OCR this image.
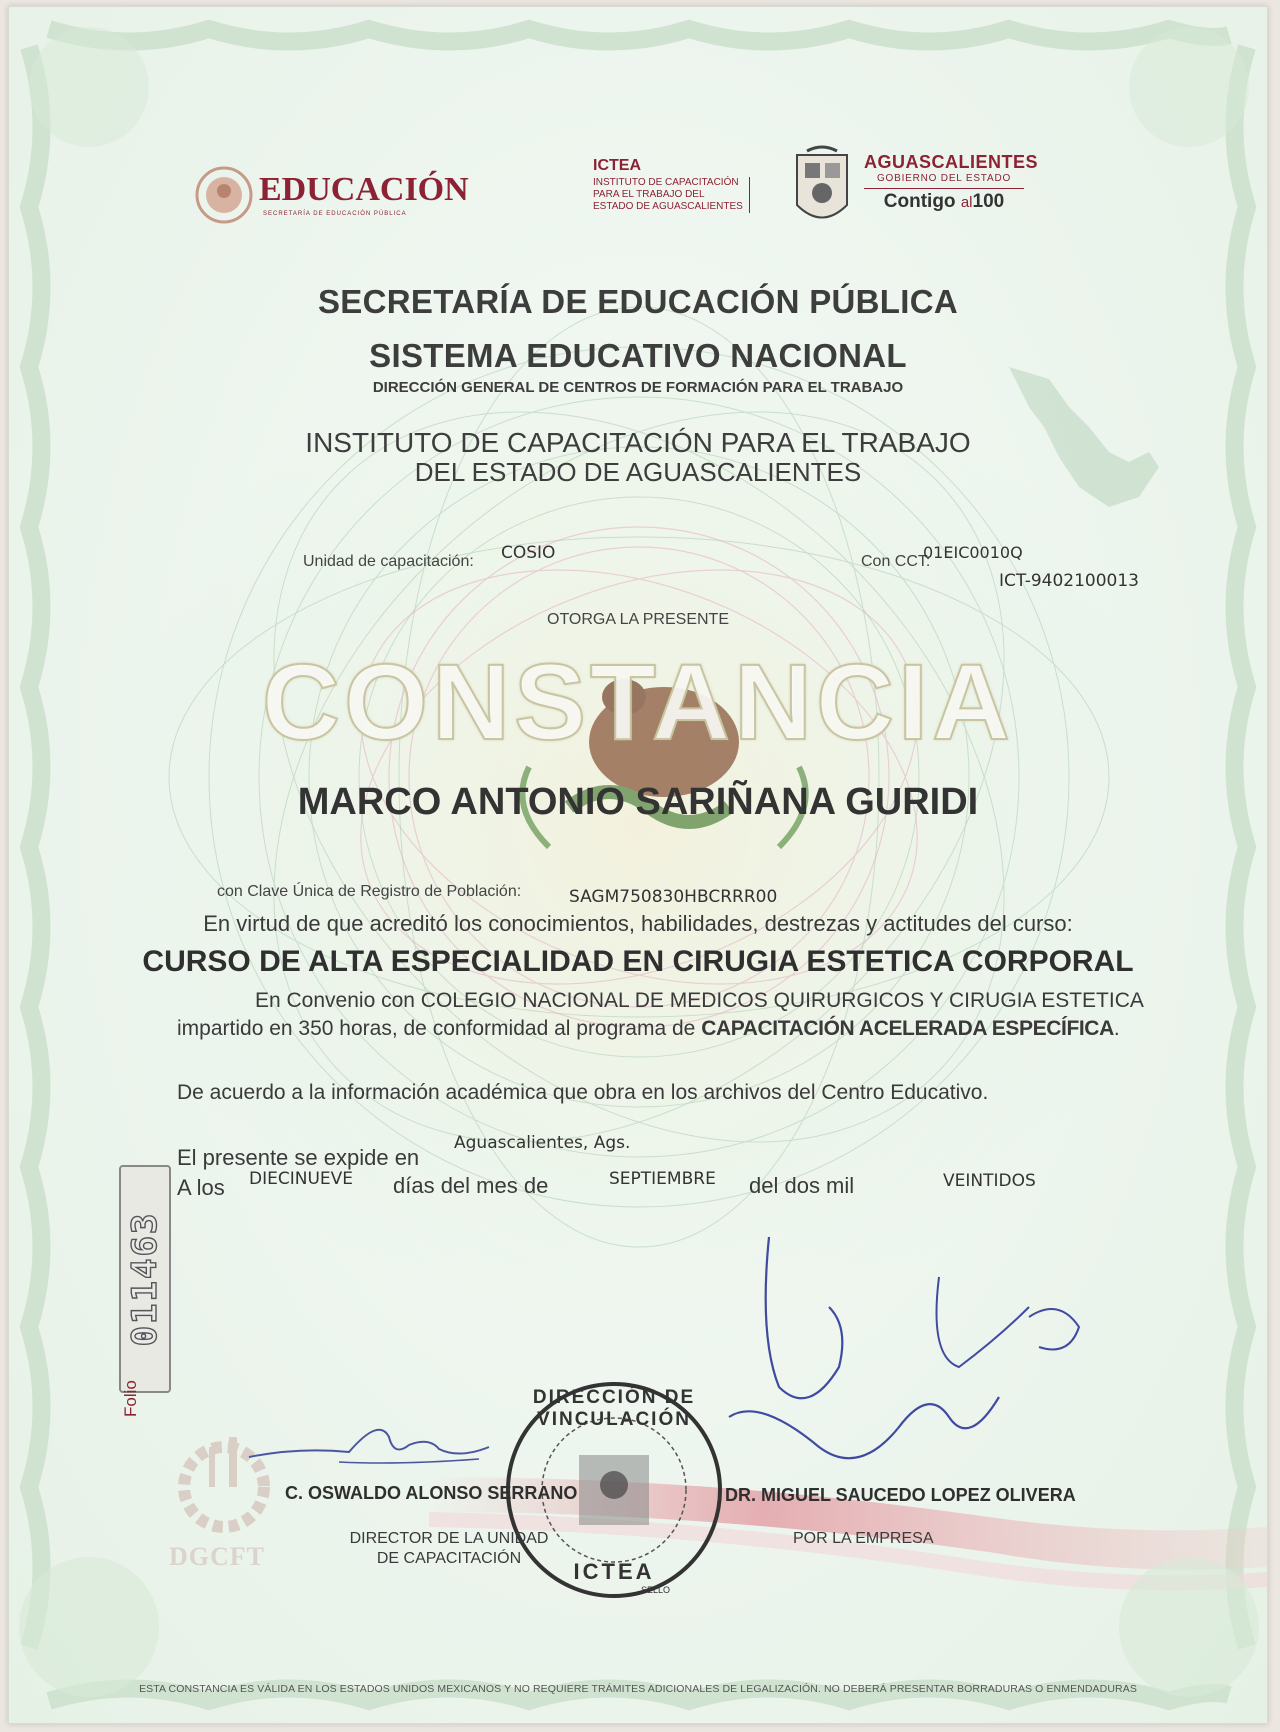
EDUCACIÓN
SECRETARÍA DE EDUCACIÓN PÚBLICA
ICTEA
INSTITUTO DE CAPACITACIÓN
PARA EL TRABAJO DEL
ESTADO DE AGUASCALIENTES
AGUASCALIENTES
GOBIERNO DEL ESTADO
Contigo al100
SECRETARÍA DE EDUCACIÓN PÚBLICA
SISTEMA EDUCATIVO NACIONAL
DIRECCIÓN GENERAL DE CENTROS DE FORMACIÓN PARA EL TRABAJO
INSTITUTO DE CAPACITACIÓN PARA EL TRABAJO
DEL ESTADO DE AGUASCALIENTES
Unidad de capacitación: COSIO	Con CCT:
01EIC0010Q
ICT-9402100013
OTORGA LA PRESENTE
CONSTANCIA
MARCO ANTONIO SARIÑANA GURIDI
con Clave Única de Registro de Población:	SAGM750830HBCRRR00
En virtud de que acreditó los conocimientos, habilidades, destrezas y actitudes del curso:
CURSO DE ALTA ESPECIALIDAD EN CIRUGIA ESTETICA CORPORAL
En Convenio con COLEGIO NACIONAL DE MEDICOS QUIRURGICOS Y CIRUGIA ESTETICA
impartido en 350 horas, de conformidad al programa de CAPACITACIÓN ACELERADA ESPECÍFICA.
De acuerdo a la información académica que obra en los archivos del Centro Educativo.
El presente se expide en
Aguascalientes, Ags.
A los DIECINUEVE días del mes de	SEPTIEMBRE del dos mil	VEINTIDOS
011463
Folio
DGCFT
DIRECCIÓN DE VINCULACIÓN
ICTEA
SELLO
C. OSWALDO ALONSO SERRANO
DIRECTOR DE LA UNIDAD
DE CAPACITACIÓN
DR. MIGUEL SAUCEDO LOPEZ OLIVERA
POR LA EMPRESA
ESTA CONSTANCIA ES VÁLIDA EN LOS ESTADOS UNIDOS MEXICANOS Y NO REQUIERE TRÁMITES ADICIONALES DE LEGALIZACIÓN. NO DEBERÁ PRESENTAR BORRADURAS O ENMENDADURAS
